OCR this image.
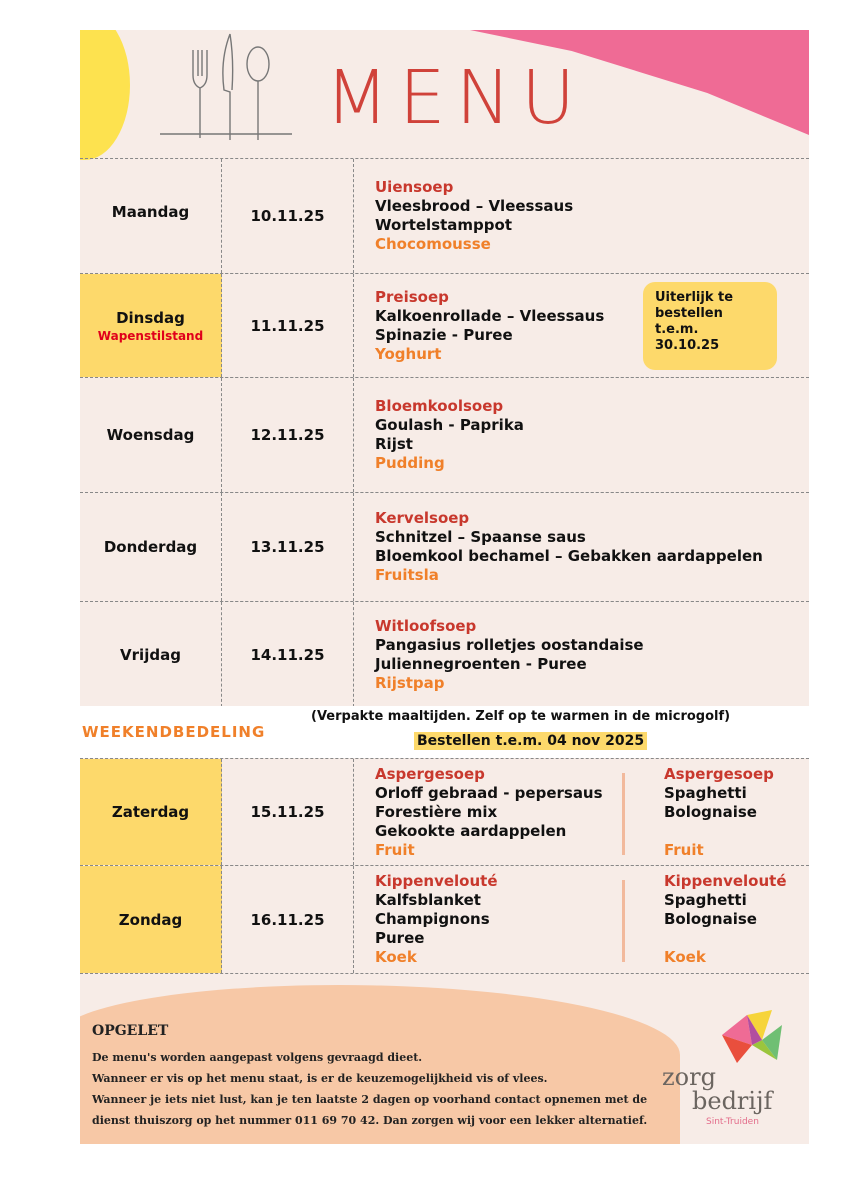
MENU
Maandag	10.11.25
Uiensoep
Vleesbrood – Vleessaus
Wortelstamppot
Chocomousse
Dinsdag
Wapenstilstand
11.11.25
Preisoep
Kalkoenrollade – Vleessaus
Spinazie - Puree
Yoghurt
Uiterlijk te
bestellen
t.e.m.
30.10.25
Woensdag	12.11.25
Bloemkoolsoep
Goulash - Paprika
Rijst
Pudding
Donderdag	13.11.25
Kervelsoep
Schnitzel – Spaanse saus
Bloemkool bechamel – Gebakken aardappelen
Fruitsla
Vrijdag	14.11.25
Witloofsoep
Pangasius rolletjes oostandaise
Juliennegroenten - Puree
Rijstpap
WEEKENDBEDELING
(Verpakte maaltijden. Zelf op te warmen in de microgolf)
Bestellen t.e.m. 04 nov 2025
Zaterdag	15.11.25
Aspergesoep
Orloff gebraad - pepersaus
Forestière mix
Gekookte aardappelen
Fruit
Aspergesoep
Spaghetti
Bolognaise
Fruit
Zondag	16.11.25
Kippenvelouté
Kalfsblanket
Champignons
Puree
Koek
Kippenvelouté
Spaghetti
Bolognaise
Koek
OPGELET
De menu's worden aangepast volgens gevraagd dieet.
Wanneer er vis op het menu staat, is er de keuzemogelijkheid vis of vlees.
Wanneer je iets niet lust, kan je ten laatste 2 dagen op voorhand contact opnemen met de
dienst thuiszorg op het nummer 011 69 70 42. Dan zorgen wij voor een lekker alternatief.
zorg
bedrijf
Sint-Truiden
